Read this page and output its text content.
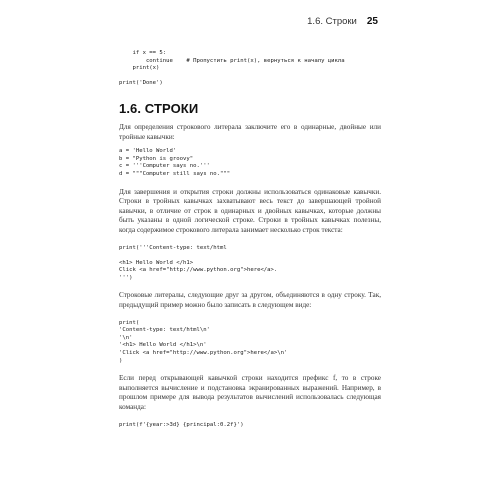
1.6. Строки 25
if x == 5:
continue    # Пропустить print(x), вернуться к началу цикла
print(x)

print('Done')
1.6. СТРОКИ

Для определения строкового литерала заключите его в одинарные, двойные или тройные кавычки:

a = 'Hello World'
b = "Python is groovy"
c = '''Computer says no.'''
d = """Computer still says no."""

Для завершения и открытия строки должны использоваться одинаковые кавычки. Строки в тройных кавычках захватывают весь текст до завершающей тройной кавычки, в отличие от строк в одинарных и двойных кавычках, которые должны быть указаны в одной логической строке. Строки в тройных кавычках полезны, когда содержимое строкового литерала занимает несколько строк текста:

print('''Content-type: text/html

<h1> Hello World </h1>
Click <a href="http://www.python.org">here</a>.
''')

Строковые литералы, следующие друг за другом, объединяются в одну строку. Так, предыдущий пример можно было записать в следующем виде:

print(
'Content-type: text/html\n'
'\n'
'<h1> Hello World </h1>\n'
'Click <a href="http://www.python.org">here</a>\n'
)

Если перед открывающей кавычкой строки находится префикс f, то в строке выполняется вычисление и подстановка экранированных выражений. Например, в прошлом примере для вывода результатов вычислений использовалась следующая команда:

print(f'{year:>3d} {principal:0.2f}')
